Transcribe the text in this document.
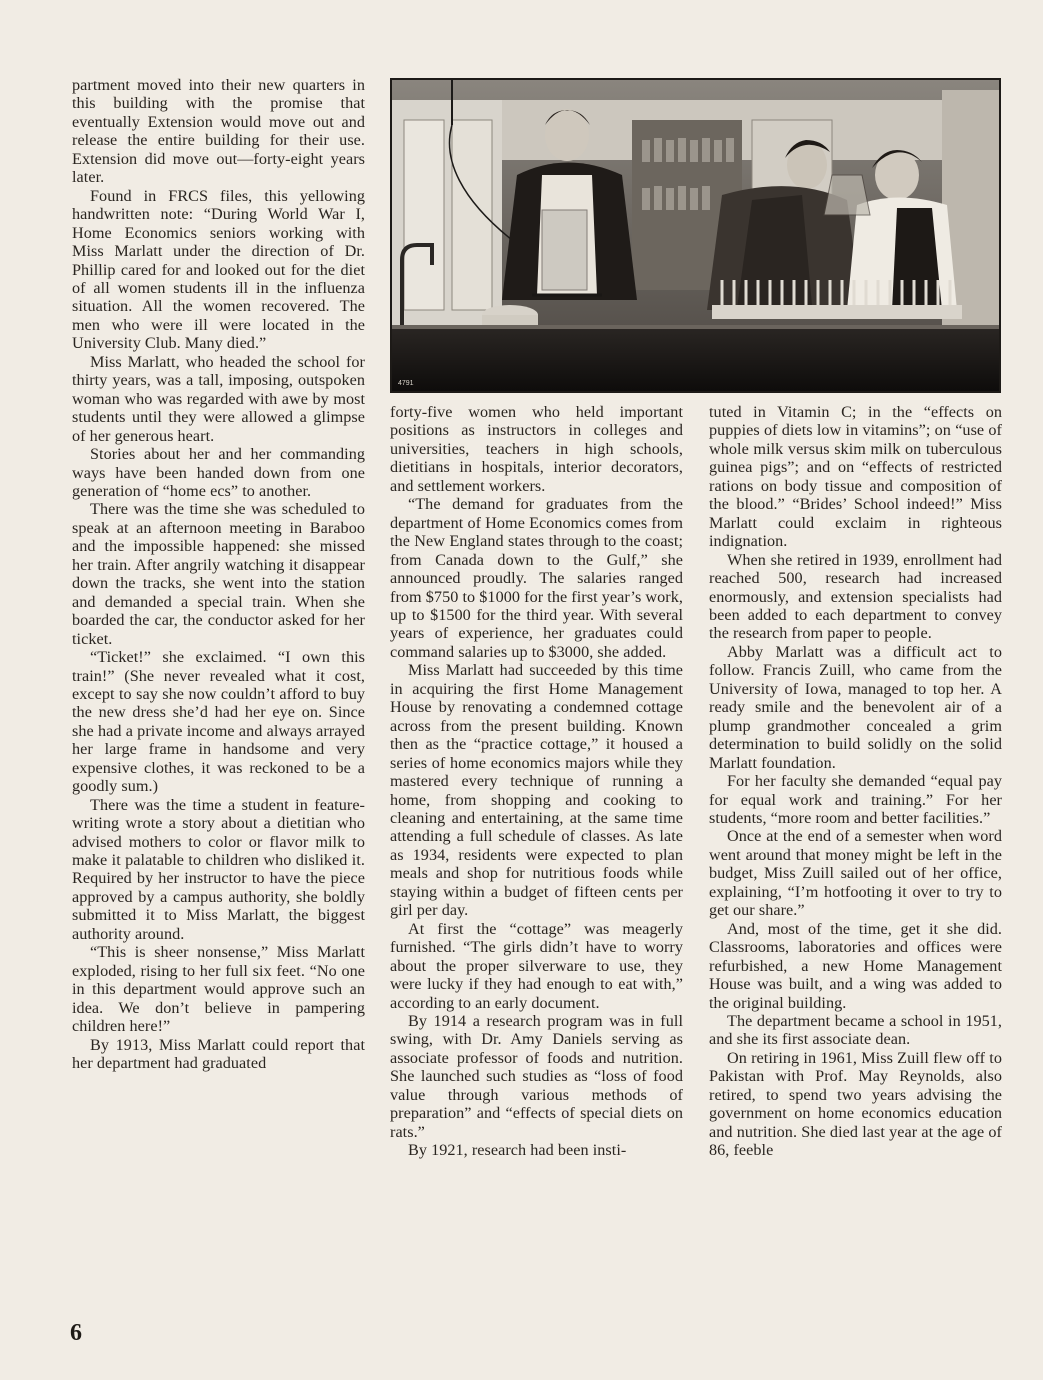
partment moved into their new quarters in this building with the promise that eventually Extension would move out and release the entire building for their use. Extension did move out—forty-eight years later.

Found in FRCS files, this yellowing handwritten note: “During World War I, Home Economics seniors working with Miss Marlatt under the direction of Dr. Phillip cared for and looked out for the diet of all women students ill in the influenza situation. All the women recovered. The men who were ill were located in the University Club. Many died.”

Miss Marlatt, who headed the school for thirty years, was a tall, imposing, outspoken woman who was regarded with awe by most students until they were allowed a glimpse of her generous heart.

Stories about her and her commanding ways have been handed down from one generation of “home ecs” to another.

There was the time she was scheduled to speak at an afternoon meeting in Baraboo and the impossible happened: she missed her train. After angrily watching it disappear down the tracks, she went into the station and demanded a special train. When she boarded the car, the conductor asked for her ticket.

“Ticket!” she exclaimed. “I own this train!” (She never revealed what it cost, except to say she now couldn’t afford to buy the new dress she’d had her eye on. Since she had a private income and always arrayed her large frame in handsome and very expensive clothes, it was reckoned to be a goodly sum.)

There was the time a student in feature-writing wrote a story about a dietitian who advised mothers to color or flavor milk to make it palatable to children who disliked it. Required by her instructor to have the piece approved by a campus authority, she boldly submitted it to Miss Marlatt, the biggest authority around.

“This is sheer nonsense,” Miss Marlatt exploded, rising to her full six feet. “No one in this department would approve such an idea. We don’t believe in pampering children here!”

By 1913, Miss Marlatt could report that her department had graduated

4791

forty-five women who held important positions as instructors in colleges and universities, teachers in high schools, dietitians in hospitals, interior decorators, and settlement workers.

“The demand for graduates from the department of Home Economics comes from the New England states through to the coast; from Canada down to the Gulf,” she announced proudly. The salaries ranged from $750 to $1000 for the first year’s work, up to $1500 for the third year. With several years of experience, her graduates could command salaries up to $3000, she added.

Miss Marlatt had succeeded by this time in acquiring the first Home Management House by renovating a condemned cottage across from the present building. Known then as the “practice cottage,” it housed a series of home economics majors while they mastered every technique of running a home, from shopping and cooking to cleaning and entertaining, at the same time attending a full schedule of classes. As late as 1934, residents were expected to plan meals and shop for nutritious foods while staying within a budget of fifteen cents per girl per day.

At first the “cottage” was meagerly furnished. “The girls didn’t have to worry about the proper silverware to use, they were lucky if they had enough to eat with,” according to an early document.

By 1914 a research program was in full swing, with Dr. Amy Daniels serving as associate professor of foods and nutrition. She launched such studies as “loss of food value through various methods of preparation” and “effects of special diets on rats.”

By 1921, research had been insti-

tuted in Vitamin C; in the “effects on puppies of diets low in vitamins”; on “use of whole milk versus skim milk on tuberculous guinea pigs”; and on “effects of restricted rations on body tissue and composition of the blood.” “Brides’ School indeed!” Miss Marlatt could exclaim in righteous indignation.

When she retired in 1939, enrollment had reached 500, research had increased enormously, and extension specialists had been added to each department to convey the research from paper to people.

Abby Marlatt was a difficult act to follow. Francis Zuill, who came from the University of Iowa, managed to top her. A ready smile and the benevolent air of a plump grandmother concealed a grim determination to build solidly on the solid Marlatt foundation.

For her faculty she demanded “equal pay for equal work and training.” For her students, “more room and better facilities.”

Once at the end of a semester when word went around that money might be left in the budget, Miss Zuill sailed out of her office, explaining, “I’m hotfooting it over to try to get our share.”

And, most of the time, get it she did. Classrooms, laboratories and offices were refurbished, a new Home Management House was built, and a wing was added to the original building.

The department became a school in 1951, and she its first associate dean.

On retiring in 1961, Miss Zuill flew off to Pakistan with Prof. May Reynolds, also retired, to spend two years advising the government on home economics education and nutrition. She died last year at the age of 86, feeble

6
